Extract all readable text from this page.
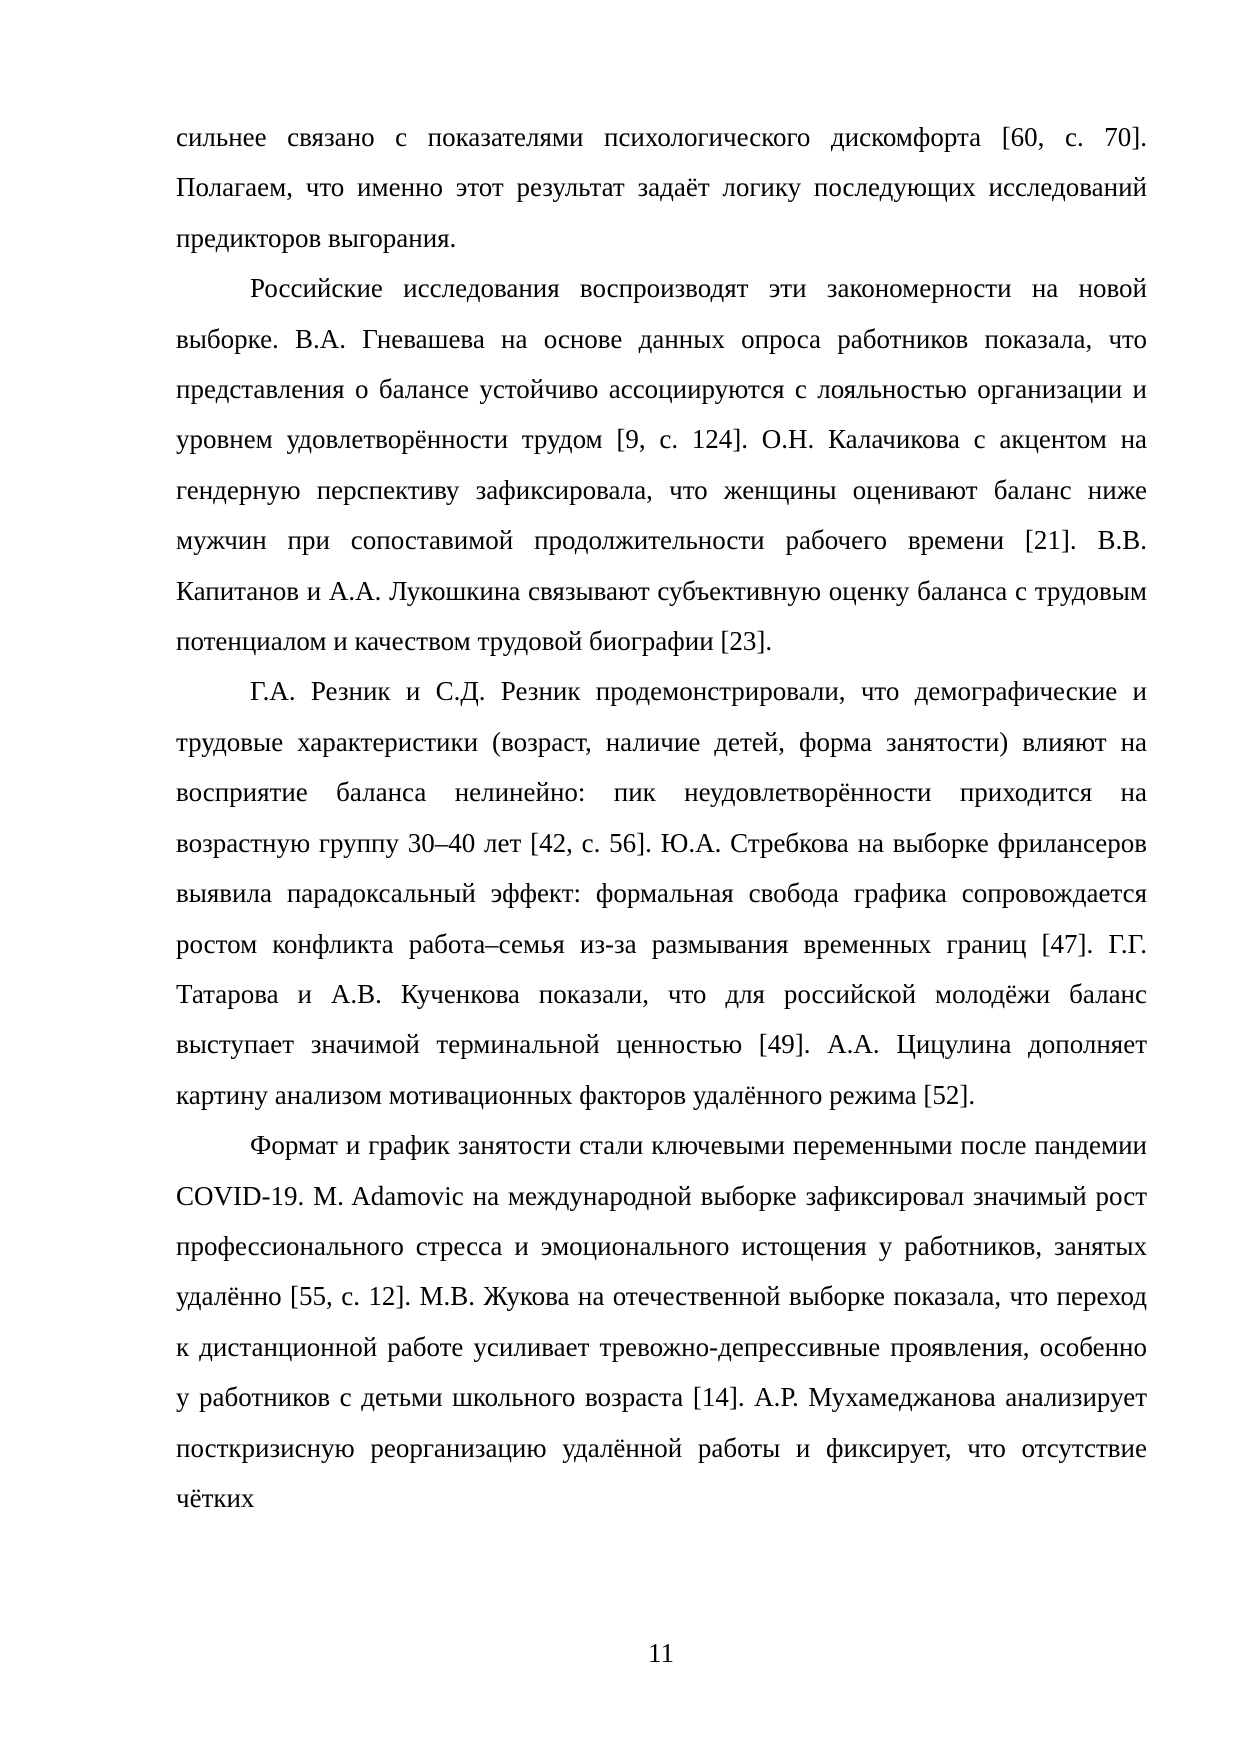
сильнее связано с показателями психологического дискомфорта [60, с. 70]. Полагаем, что именно этот результат задаёт логику последующих исследований предикторов выгорания.

Российские исследования воспроизводят эти закономерности на новой выборке. В.А. Гневашева на основе данных опроса работников показала, что представления о балансе устойчиво ассоциируются с лояльностью организации и уровнем удовлетворённости трудом [9, с. 124]. О.Н. Калачикова с акцентом на гендерную перспективу зафиксировала, что женщины оценивают баланс ниже мужчин при сопоставимой продолжительности рабочего времени [21]. В.В. Капитанов и А.А. Лукошкина связывают субъективную оценку баланса с трудовым потенциалом и качеством трудовой биографии [23].

Г.А. Резник и С.Д. Резник продемонстрировали, что демографические и трудовые характеристики (возраст, наличие детей, форма занятости) влияют на восприятие баланса нелинейно: пик неудовлетворённости приходится на возрастную группу 30–40 лет [42, с. 56]. Ю.А. Стребкова на выборке фрилансеров выявила парадоксальный эффект: формальная свобода графика сопровождается ростом конфликта работа–семья из-за размывания временных границ [47]. Г.Г. Татарова и А.В. Кученкова показали, что для российской молодёжи баланс выступает значимой терминальной ценностью [49]. А.А. Цицулина дополняет картину анализом мотивационных факторов удалённого режима [52].

Формат и график занятости стали ключевыми переменными после пандемии COVID-19. M. Adamovic на международной выборке зафиксировал значимый рост профессионального стресса и эмоционального истощения у работников, занятых удалённо [55, с. 12]. М.В. Жукова на отечественной выборке показала, что переход к дистанционной работе усиливает тревожно-депрессивные проявления, особенно у работников с детьми школьного возраста [14]. А.Р. Мухамеджанова анализирует посткризисную реорганизацию удалённой работы и фиксирует, что отсутствие чётких

11
